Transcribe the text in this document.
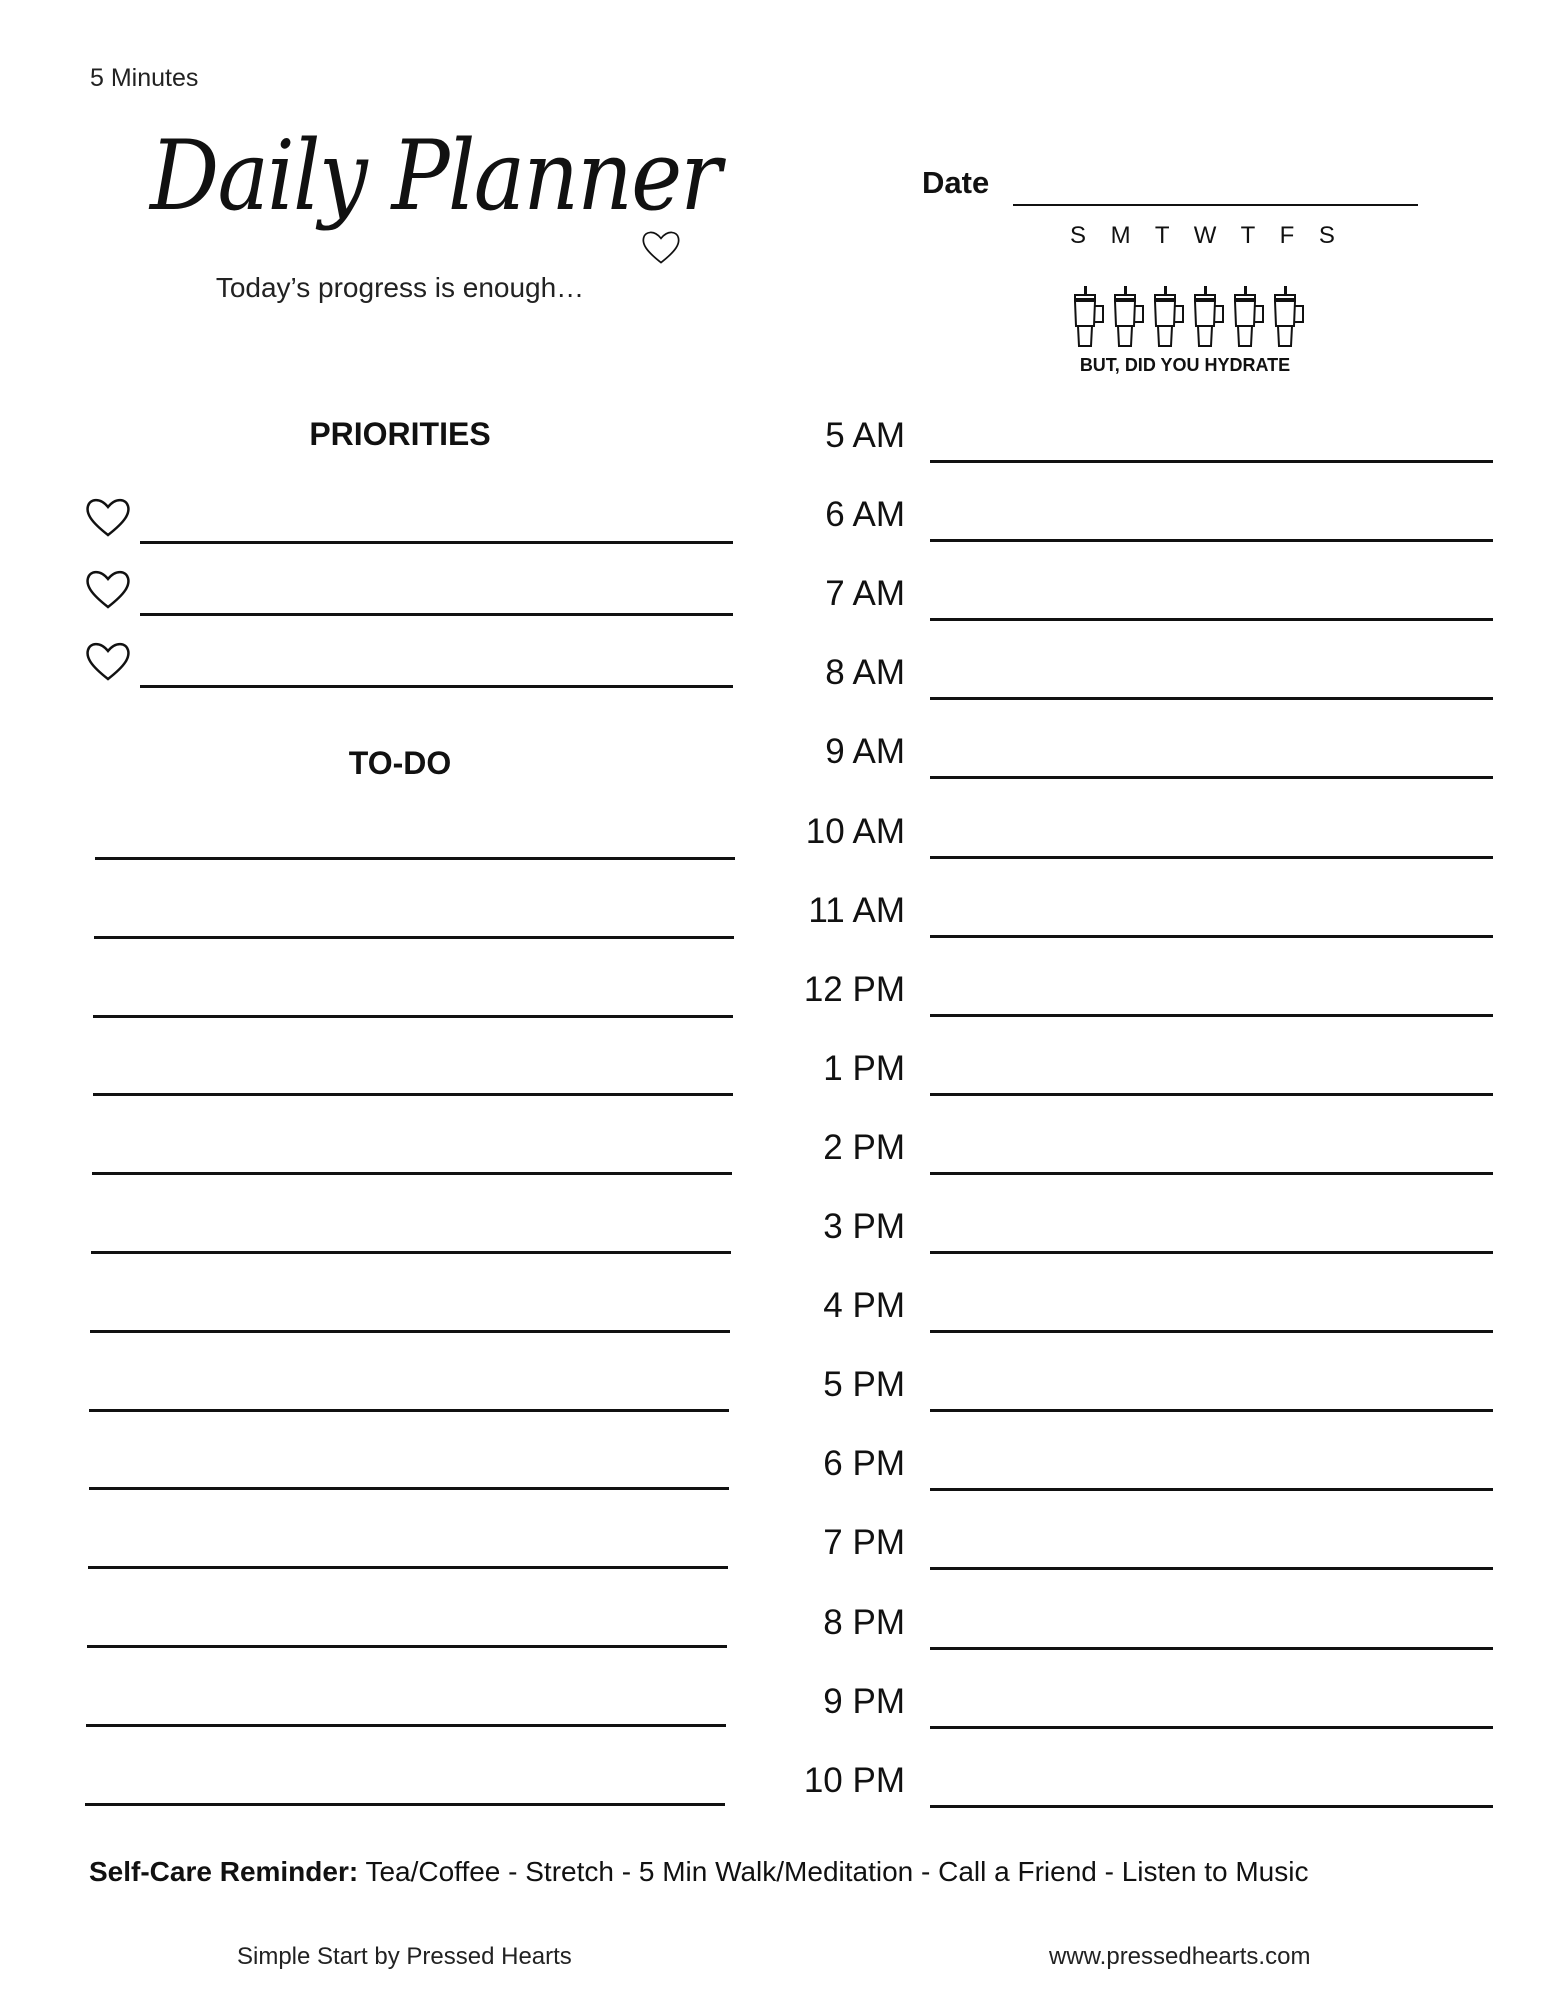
5 Minutes
Daily Planner
Today’s progress is enough…
Date
S M T W T F S
BUT, DID YOU HYDRATE
PRIORITIES
TO-DO
5 AM
6 AM
7 AM
8 AM
9 AM
10 AM
11 AM
12 PM
1 PM
2 PM
3 PM
4 PM
5 PM
6 PM
7 PM
8 PM
9 PM
10 PM
Self-Care Reminder: Tea/Coffee - Stretch - 5 Min Walk/Meditation - Call a Friend - Listen to Music
Simple Start by Pressed Hearts	www.pressedhearts.com
